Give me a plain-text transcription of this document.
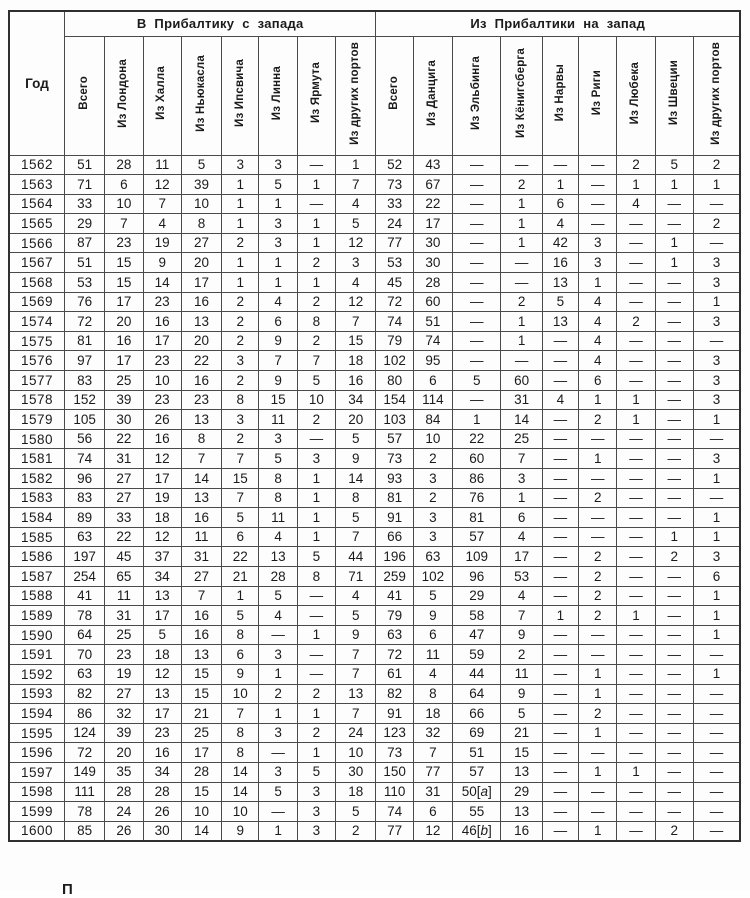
Год	В Прибалтику с запада								Из Прибалтики на запад								
	Всего	Из Лондона	Из Халла	Из Ньюкасла	Из Ипсвича	Из Линна	Из Ярмута	Из других портов	Всего	Из Данцига	Из Эльбинга	Из Кёнигсберга	Из Нарвы	Из Риги	Из Любека	Из Швеции	Из других портов
1562	51	28	11	5	3	3	—	1	52	43	—	—	—	—	2	5	2
1563	71	6	12	39	1	5	1	7	73	67	—	2	1	—	1	1	1
1564	33	10	7	10	1	1	—	4	33	22	—	1	6	—	4	—	—
1565	29	7	4	8	1	3	1	5	24	17	—	1	4	—	—	—	2
1566	87	23	19	27	2	3	1	12	77	30	—	1	42	3	—	1	—
1567	51	15	9	20	1	1	2	3	53	30	—	—	16	3	—	1	3
1568	53	15	14	17	1	1	1	4	45	28	—	—	13	1	—	—	3
1569	76	17	23	16	2	4	2	12	72	60	—	2	5	4	—	—	1
1574	72	20	16	13	2	6	8	7	74	51	—	1	13	4	2	—	3
1575	81	16	17	20	2	9	2	15	79	74	—	1	—	4	—	—	—
1576	97	17	23	22	3	7	7	18	102	95	—	—	—	4	—	—	3
1577	83	25	10	16	2	9	5	16	80	6	5	60	—	6	—	—	3
1578	152	39	23	23	8	15	10	34	154	114	—	31	4	1	1	—	3
1579	105	30	26	13	3	11	2	20	103	84	1	14	—	2	1	—	1
1580	56	22	16	8	2	3	—	5	57	10	22	25	—	—	—	—	—
1581	74	31	12	7	7	5	3	9	73	2	60	7	—	1	—	—	3
1582	96	27	17	14	15	8	1	14	93	3	86	3	—	—	—	—	1
1583	83	27	19	13	7	8	1	8	81	2	76	1	—	2	—	—	—
1584	89	33	18	16	5	11	1	5	91	3	81	6	—	—	—	—	1
1585	63	22	12	11	6	4	1	7	66	3	57	4	—	—	—	1	1
1586	197	45	37	31	22	13	5	44	196	63	109	17	—	2	—	2	3
1587	254	65	34	27	21	28	8	71	259	102	96	53	—	2	—	—	6
1588	41	11	13	7	1	5	—	4	41	5	29	4	—	2	—	—	1
1589	78	31	17	16	5	4	—	5	79	9	58	7	1	2	1	—	1
1590	64	25	5	16	8	—	1	9	63	6	47	9	—	—	—	—	1
1591	70	23	18	13	6	3	—	7	72	11	59	2	—	—	—	—	—
1592	63	19	12	15	9	1	—	7	61	4	44	11	—	1	—	—	1
1593	82	27	13	15	10	2	2	13	82	8	64	9	—	1	—	—	—
1594	86	32	17	21	7	1	1	7	91	18	66	5	—	2	—	—	—
1595	124	39	23	25	8	3	2	24	123	32	69	21	—	1	—	—	—
1596	72	20	16	17	8	—	1	10	73	7	51	15	—	—	—	—	—
1597	149	35	34	28	14	3	5	30	150	77	57	13	—	1	1	—	—
1598	111	28	28	15	14	5	3	18	110	31	50[a]	29	—	—	—	—	—
1599	78	24	26	10	10	—	3	5	74	6	55	13	—	—	—	—	—
1600	85	26	30	14	9	1	3	2	77	12	46[b]	16	—	1	—	2	—
П
